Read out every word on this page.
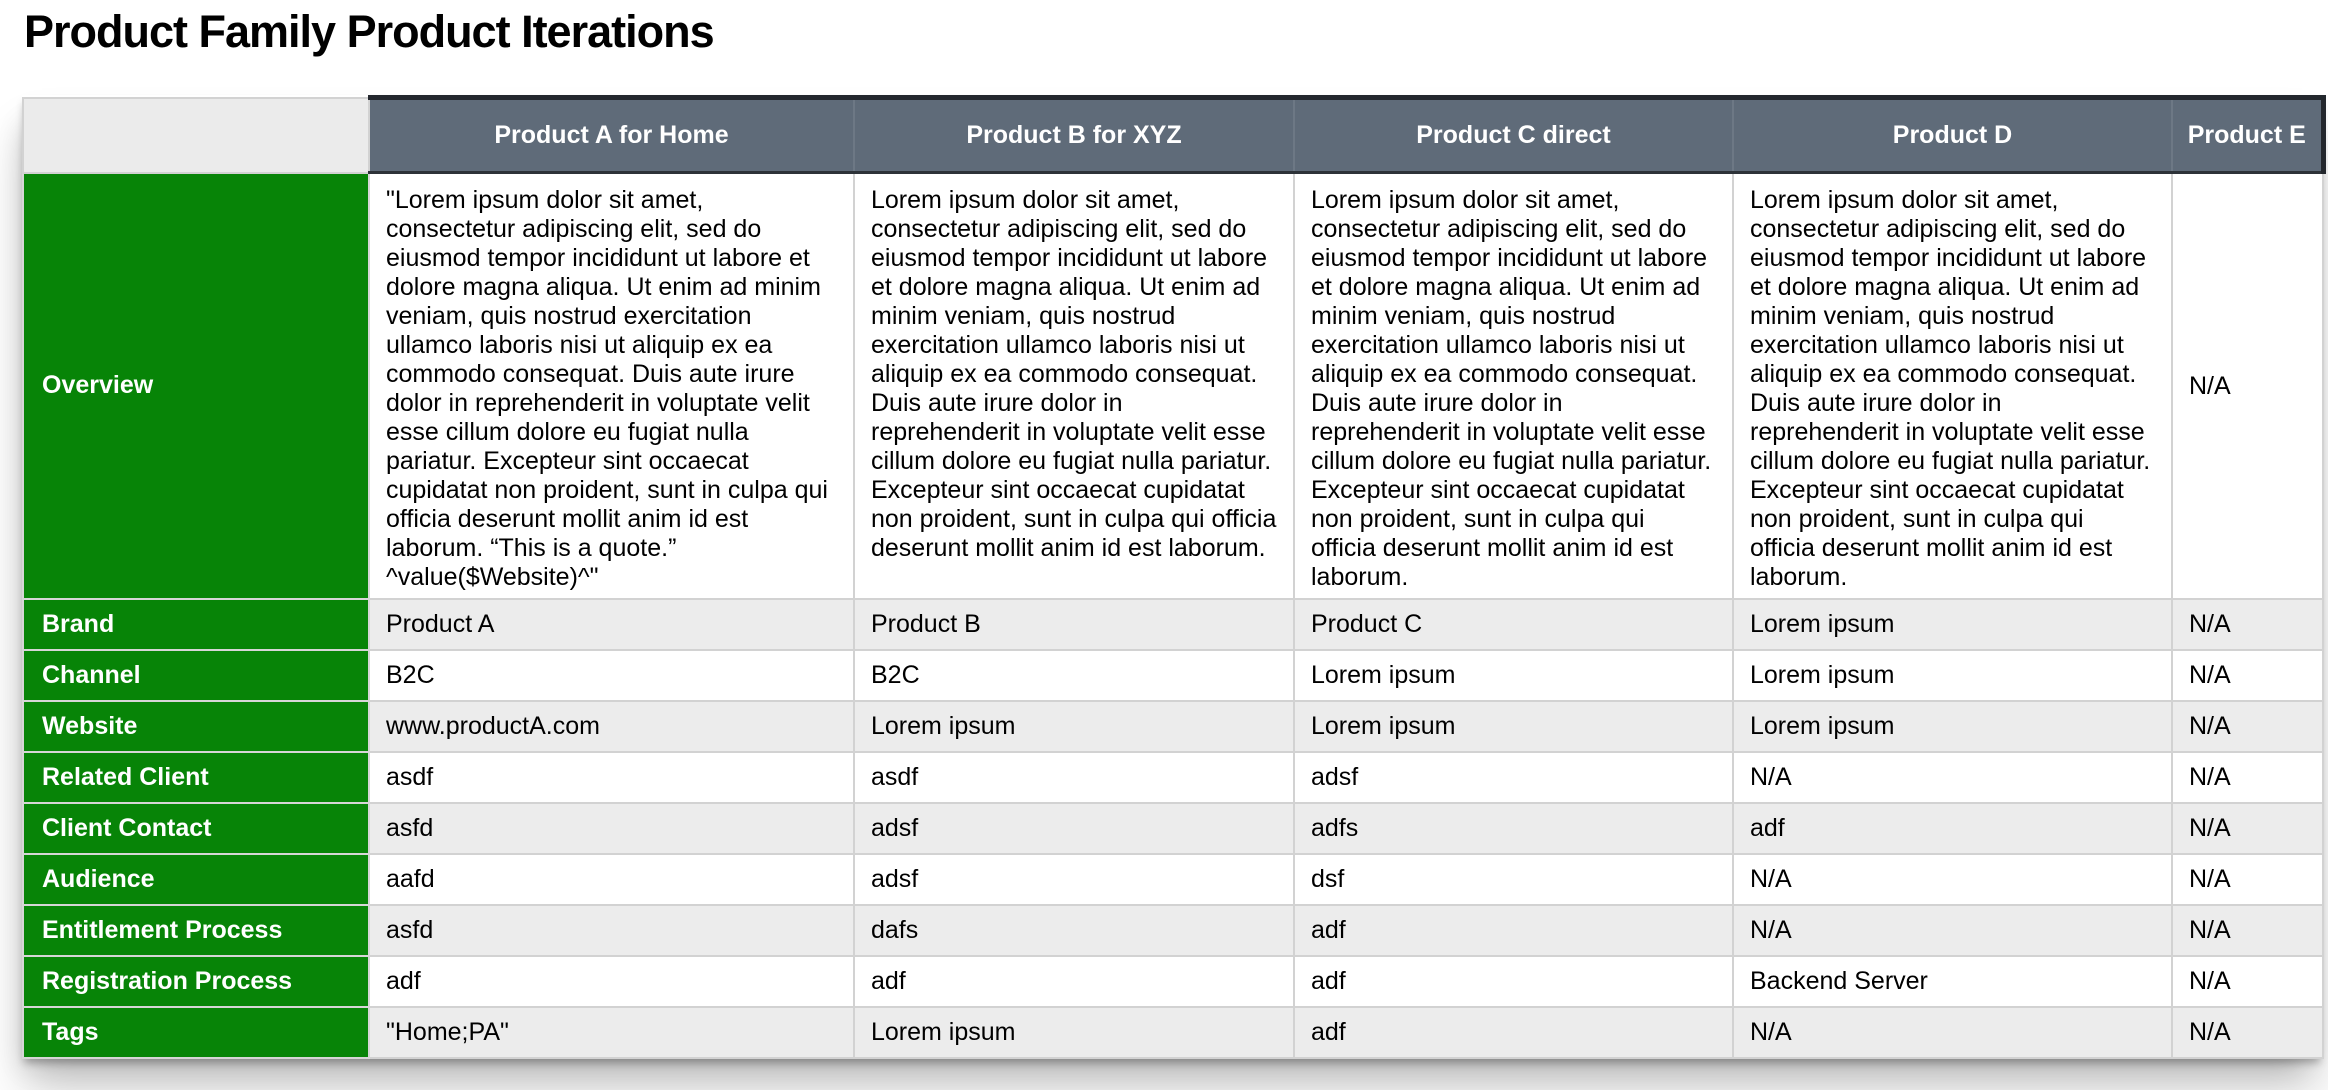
Product Family Product Iterations
	Product A for Home	Product B for XYZ	Product C direct	Product D	Product E
Overview	"Lorem ipsum dolor sit amet, consectetur adipiscing elit, sed do eiusmod tempor incididunt ut labore et dolore magna aliqua. Ut enim ad minim veniam, quis nostrud exercitation ullamco laboris nisi ut aliquip ex ea commodo consequat. Duis aute irure dolor in reprehenderit in voluptate velit esse cillum dolore eu fugiat nulla pariatur. Excepteur sint occaecat cupidatat non proident, sunt in culpa qui officia deserunt mollit anim id est laborum. “This is a quote.” ^value($Website)^"	Lorem ipsum dolor sit amet, consectetur adipiscing elit, sed do eiusmod tempor incididunt ut labore et dolore magna aliqua. Ut enim ad minim veniam, quis nostrud exercitation ullamco laboris nisi ut aliquip ex ea commodo consequat. Duis aute irure dolor in reprehenderit in voluptate velit esse cillum dolore eu fugiat nulla pariatur. Excepteur sint occaecat cupidatat non proident, sunt in culpa qui officia deserunt mollit anim id est laborum.	Lorem ipsum dolor sit amet, consectetur adipiscing elit, sed do eiusmod tempor incididunt ut labore et dolore magna aliqua. Ut enim ad minim veniam, quis nostrud exercitation ullamco laboris nisi ut aliquip ex ea commodo consequat. Duis aute irure dolor in reprehenderit in voluptate velit esse cillum dolore eu fugiat nulla pariatur. Excepteur sint occaecat cupidatat non proident, sunt in culpa qui officia deserunt mollit anim id est laborum.	Lorem ipsum dolor sit amet, consectetur adipiscing elit, sed do eiusmod tempor incididunt ut labore et dolore magna aliqua. Ut enim ad minim veniam, quis nostrud exercitation ullamco laboris nisi ut aliquip ex ea commodo consequat. Duis aute irure dolor in reprehenderit in voluptate velit esse cillum dolore eu fugiat nulla pariatur. Excepteur sint occaecat cupidatat non proident, sunt in culpa qui officia deserunt mollit anim id est laborum.	N/A
Brand	Product A	Product B	Product C	Lorem ipsum	N/A
Channel	B2C	B2C	Lorem ipsum	Lorem ipsum	N/A
Website	www.productA.com	Lorem ipsum	Lorem ipsum	Lorem ipsum	N/A
Related Client	asdf	asdf	adsf	N/A	N/A
Client Contact	asfd	adsf	adfs	adf	N/A
Audience	aafd	adsf	dsf	N/A	N/A
Entitlement Process	asfd	dafs	adf	N/A	N/A
Registration Process	adf	adf	adf	Backend Server	N/A
Tags	"Home;PA"	Lorem ipsum	adf	N/A	N/A
